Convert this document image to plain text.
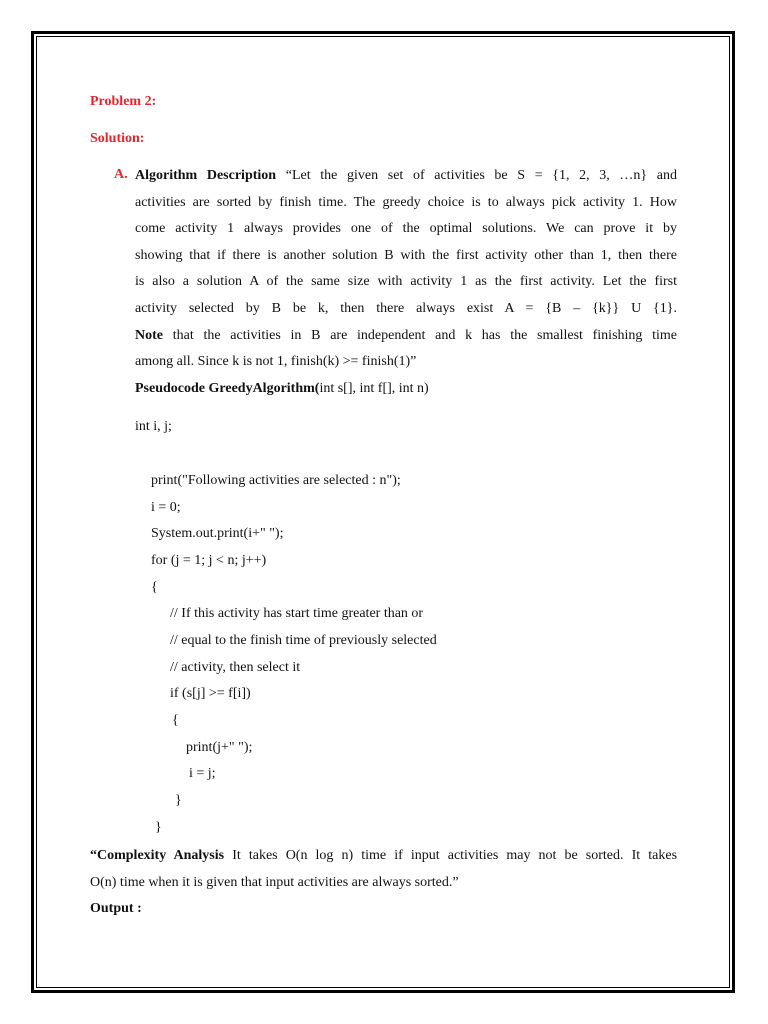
Problem 2:

Solution:

A. Algorithm Description “Let the given set of activities be S = {1, 2, 3, …n} and
activities are sorted by finish time. The greedy choice is to always pick activity 1. How
come activity 1 always provides one of the optimal solutions. We can prove it by
showing that if there is another solution B with the first activity other than 1, then there
is also a solution A of the same size with activity 1 as the first activity. Let the first
activity selected by B be k, then there always exist A = {B – {k}} U {1}.
Note that the activities in B are independent and k has the smallest finishing time
among all. Since k is not 1, finish(k) >= finish(1)”
Pseudocode GreedyAlgorithm(int s[], int f[], int n)

int i, j;

print("Following activities are selected : n");

i = 0;

System.out.print(i+" ");

for (j = 1; j < n; j++)

{

// If this activity has start time greater than or

// equal to the finish time of previously selected

// activity, then select it

if (s[j] >= f[i])

{

print(j+" ");

i = j;

}

}

“Complexity Analysis It takes O(n log n) time if input activities may not be sorted. It takes
O(n) time when it is given that input activities are always sorted.”
Output :
